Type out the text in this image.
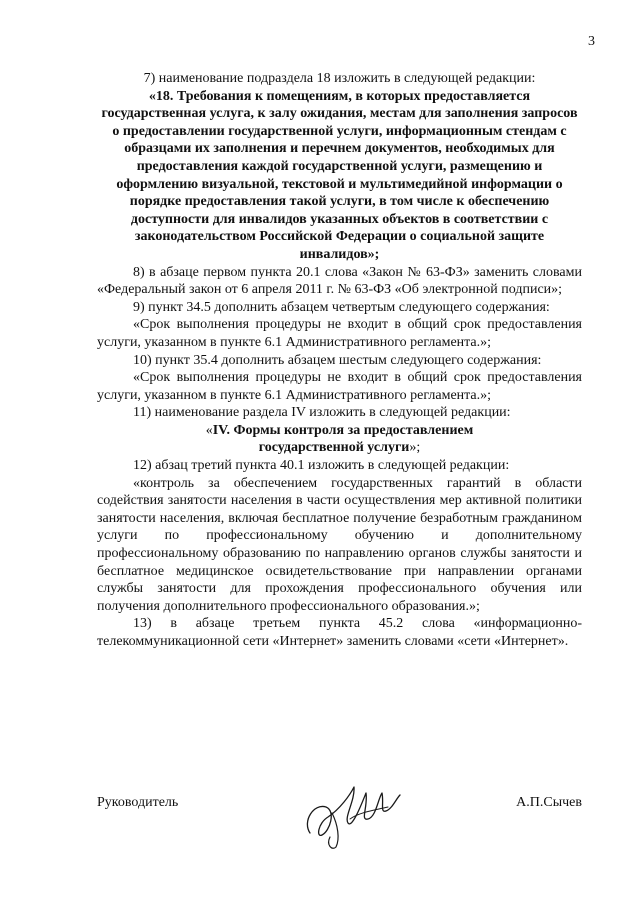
3

7) наименование подраздела 18 изложить в следующей редакции:

«18. Требования к помещениям, в которых предоставляется государственная услуга, к залу ожидания, местам для заполнения запросов о предоставлении государственной услуги, информационным стендам с образцами их заполнения и перечнем документов, необходимых для предоставления каждой государственной услуги, размещению и оформлению визуальной, текстовой и мультимедийной информации о порядке предоставления такой услуги, в том числе к обеспечению доступности для инвалидов указанных объектов в соответствии с законодательством Российской Федерации о социальной защите инвалидов»;

8) в абзаце первом пункта 20.1 слова «Закон № 63-ФЗ» заменить словами «Федеральный закон от 6 апреля 2011 г. № 63-ФЗ «Об электронной подписи»;

9) пункт 34.5 дополнить абзацем четвертым следующего содержания:

«Срок выполнения процедуры не входит в общий срок предоставления услуги, указанном в пункте 6.1 Административного регламента.»;

10) пункт 35.4 дополнить абзацем шестым следующего содержания:

«Срок выполнения процедуры не входит в общий срок предоставления услуги, указанном в пункте 6.1 Административного регламента.»;

11) наименование раздела IV изложить в следующей редакции:

«IV. Формы контроля за предоставлением
государственной услуги»;

12) абзац третий пункта 40.1 изложить в следующей редакции:

«контроль за обеспечением государственных гарантий в области содействия занятости населения в части осуществления мер активной политики занятости населения, включая бесплатное получение безработным гражданином услуги по профессиональному обучению и дополнительному профессиональному образованию по направлению органов службы занятости и бесплатное медицинское освидетельствование при направлении органами службы занятости для прохождения профессионального обучения или получения дополнительного профессионального образования.»;

13) в абзаце третьем пункта 45.2 слова «информационно-телекоммуникационной сети «Интернет» заменить словами «сети «Интернет».

Руководитель	А.П.Сычев
